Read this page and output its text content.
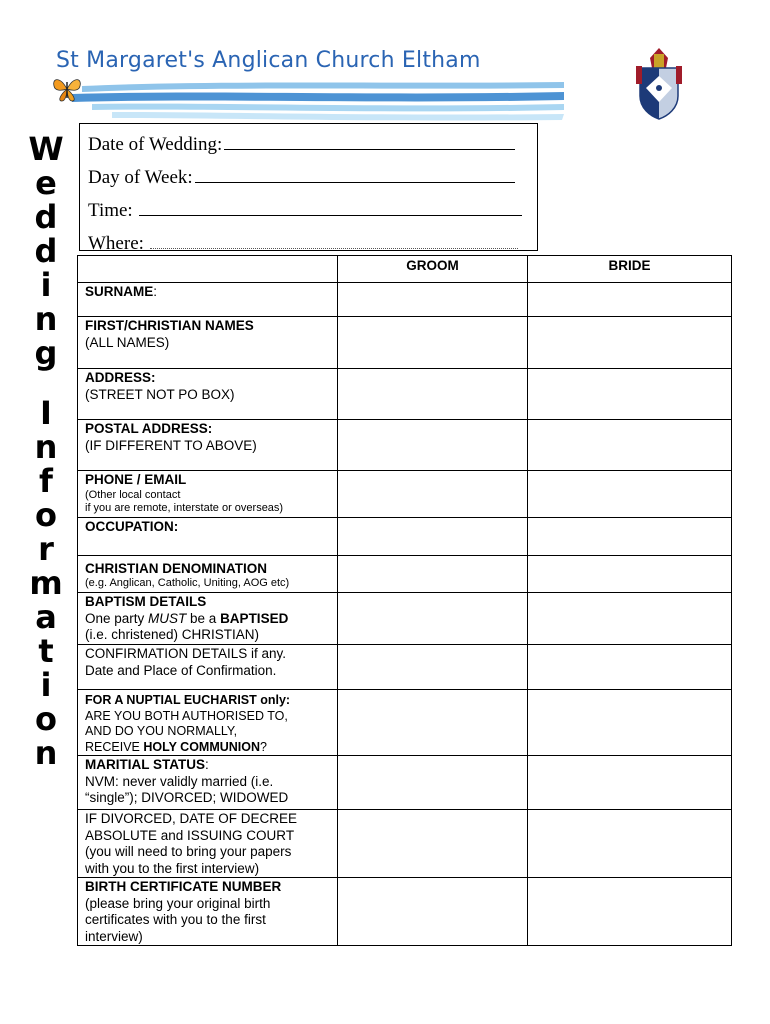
St Margaret's Anglican Church Eltham
W
e
d
d
i
n
g
I
n
f
o
r
m
a
t
i
o
n
Date of Wedding:
Day of Week:
Time:
Where:
	GROOM	BRIDE
SURNAME:		

FIRST/CHRISTIAN NAMES
(ALL NAMES)		

ADDRESS:
(STREET NOT PO BOX)		

POSTAL ADDRESS:
(IF DIFFERENT TO ABOVE)		

PHONE / EMAIL
(Other local contact
if you are remote, interstate or overseas)		

OCCUPATION:		

CHRISTIAN DENOMINATION
(e.g. Anglican, Catholic, Uniting, AOG etc)		

BAPTISM DETAILS
One party MUST be a BAPTISED
(i.e. christened) CHRISTIAN)		

CONFIRMATION DETAILS if any.
Date and Place of Confirmation.		

FOR A NUPTIAL EUCHARIST only:
ARE YOU BOTH AUTHORISED TO,
AND DO YOU NORMALLY,
RECEIVE HOLY COMMUNION?		

MARITIAL STATUS:
NVM: never validly married (i.e.
“single”); DIVORCED; WIDOWED		

IF DIVORCED, DATE OF DECREE
ABSOLUTE and ISSUING COURT
(you will need to bring your papers
with you to the first interview)		

BIRTH CERTIFICATE NUMBER
(please bring your original birth
certificates with you to the first
interview)		
